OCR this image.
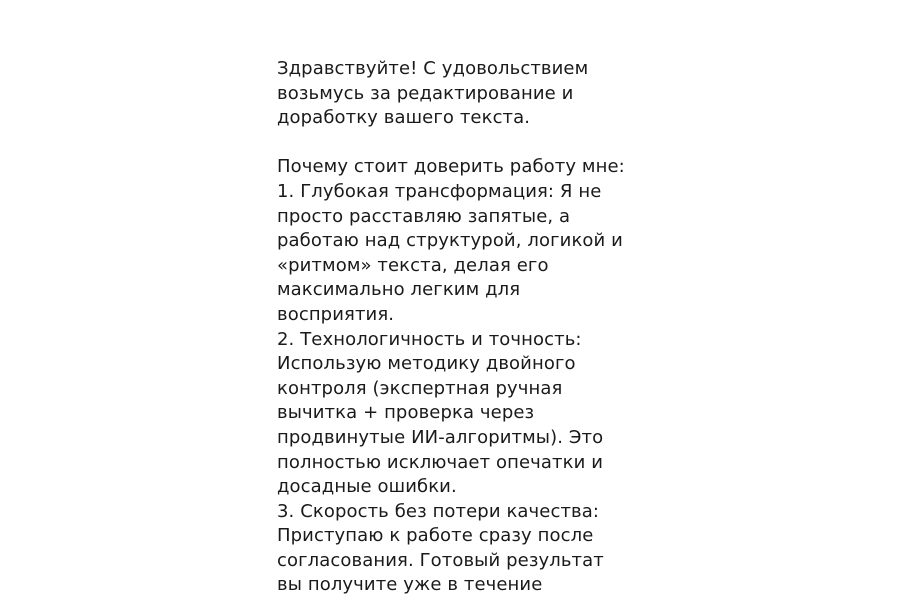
Здравствуйте! С удовольствием
возьмусь за редактирование и
доработку вашего текста.
Почему стоит доверить работу мне:
1. Глубокая трансформация: Я не
просто расставляю запятые, а
работаю над структурой, логикой и
«ритмом» текста, делая его
максимально легким для
восприятия.
2. Технологичность и точность:
Использую методику двойного
контроля (экспертная ручная
вычитка + проверка через
продвинутые ИИ-алгоритмы). Это
полностью исключает опечатки и
досадные ошибки.
3. Скорость без потери качества:
Приступаю к работе сразу после
согласования. Готовый результат
вы получите уже в течение
